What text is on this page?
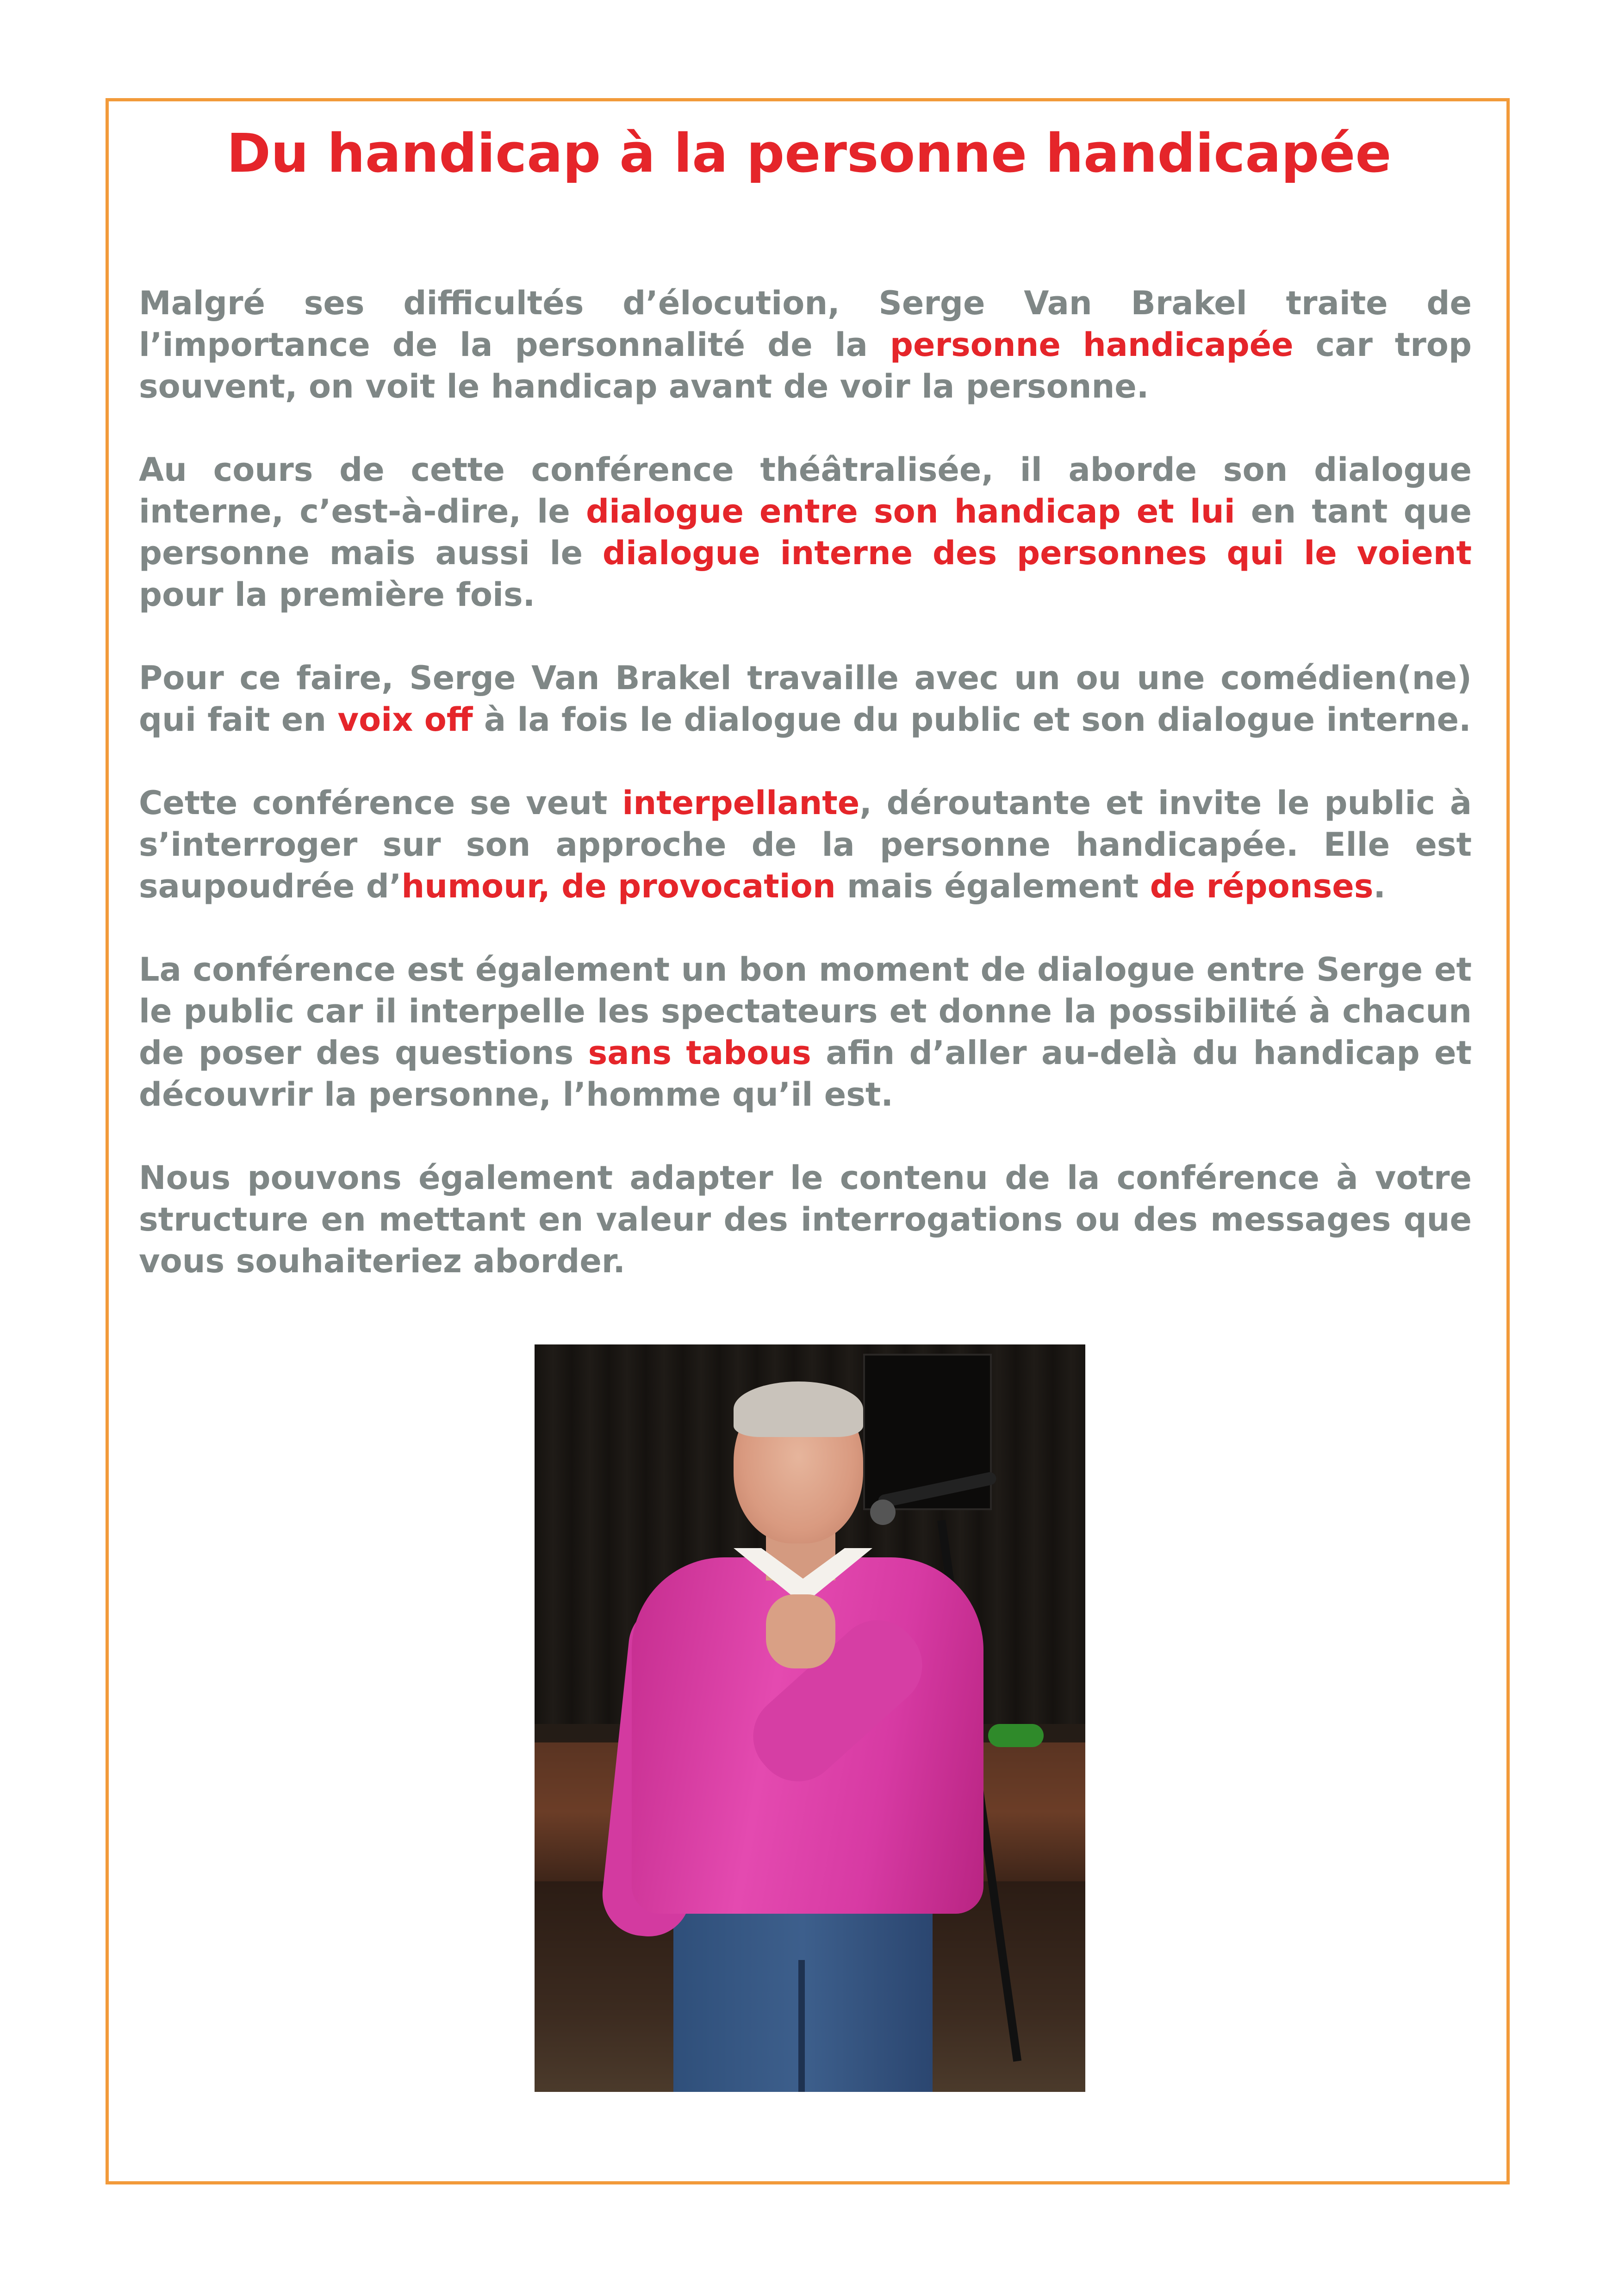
Du handicap à la personne handicapée

Malgré ses difficultés d’élocution, Serge Van Brakel traite de l’importance de la personnalité de la personne handicapée car trop souvent, on voit le handicap avant de voir la personne.

Au cours de cette conférence théâtralisée, il aborde son dialogue interne, c’est-à-dire, le dialogue entre son handicap et lui en tant que personne mais aussi le dialogue interne des personnes qui le voient pour la première fois.

Pour ce faire, Serge Van Brakel travaille avec un ou une comédien(ne) qui fait en voix off à la fois le dialogue du public et son dialogue interne.

Cette conférence se veut interpellante, déroutante et invite le public à s’interroger sur son approche de la personne handicapée. Elle est saupoudrée d’humour, de provocation mais également de réponses.

La conférence est également un bon moment de dialogue entre Serge et le public car il interpelle les spectateurs et donne la possibilité à chacun de poser des questions sans tabous afin d’aller au-delà du handicap et découvrir la personne, l’homme qu’il est.

Nous pouvons également adapter le contenu de la conférence à votre structure en mettant en valeur des interrogations ou des messages que vous souhaiteriez aborder.
